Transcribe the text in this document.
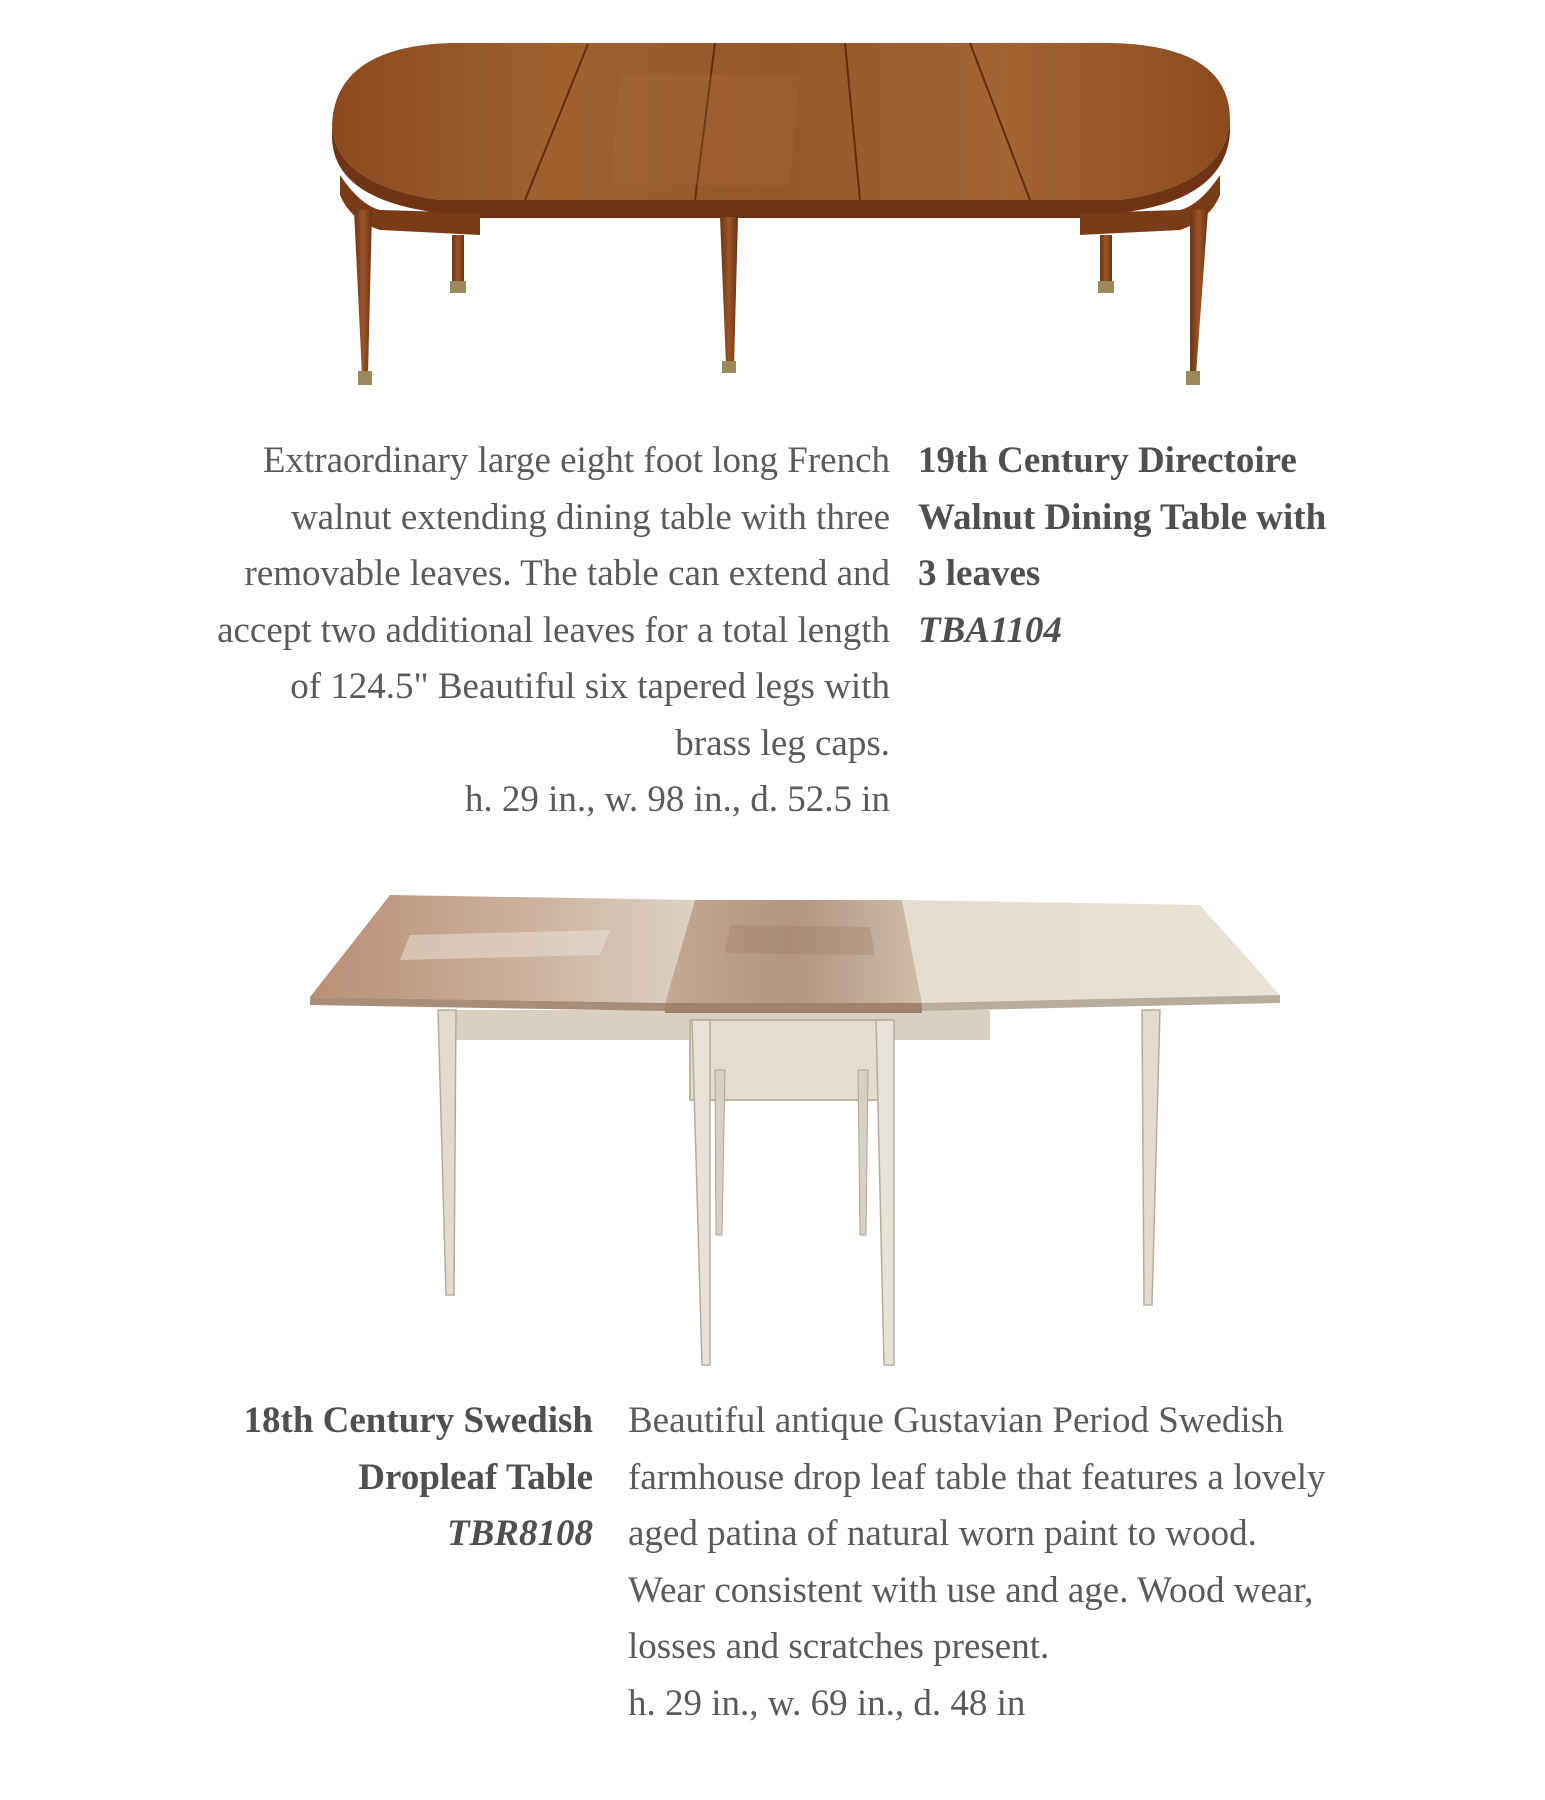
Extraordinary large eight foot long French

walnut extending dining table with three

removable leaves. The table can extend and

accept two additional leaves for a total length

of 124.5" Beautiful six tapered legs with

brass leg caps.

h. 29 in., w. 98 in., d. 52.5 in

19th Century Directoire

Walnut Dining Table with

3 leaves

TBA1104

18th Century Swedish

Dropleaf Table

TBR8108

Beautiful antique Gustavian Period Swedish

farmhouse drop leaf table that features a lovely

aged patina of natural worn paint to wood.

Wear consistent with use and age. Wood wear,

losses and scratches present.

h. 29 in., w. 69 in., d. 48 in
